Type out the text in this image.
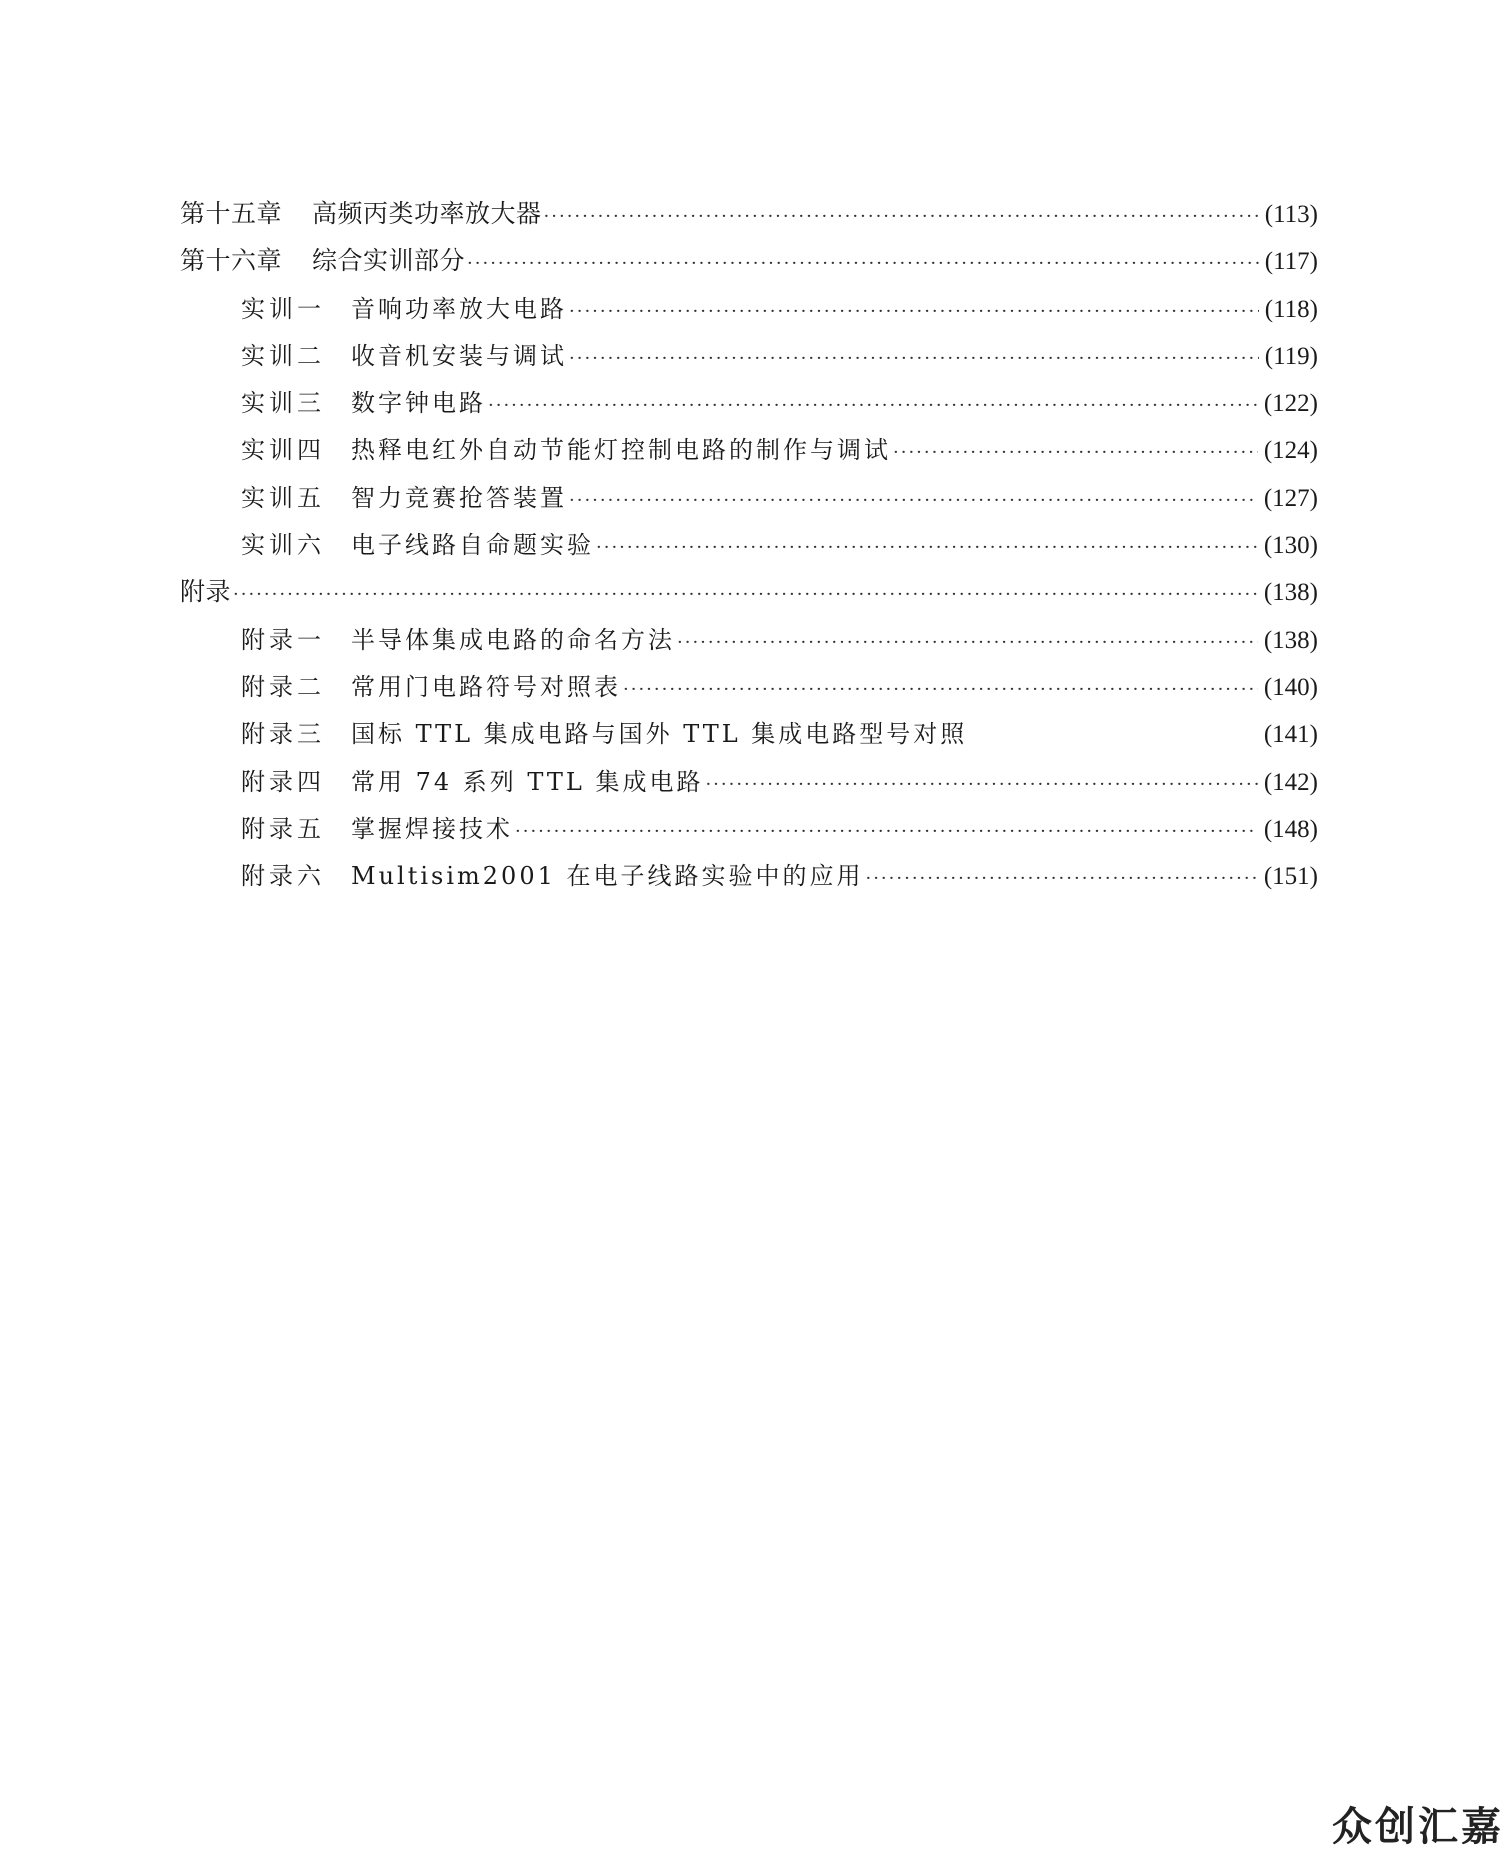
第十五章 高频丙类功率放大器 ·····	(113)
第十六章 综合实训部分 ·····	(117)
实训一 音响功率放大电路 ·····	(118)
实训二 收音机安装与调试 ·····	(119)
实训三 数字钟电路 ·····	(122)
实训四 热释电红外自动节能灯控制电路的制作与调试 ·····	(124)
实训五 智力竞赛抢答装置 ·····	(127)
实训六 电子线路自命题实验 ·····	(130)
附录 ·····	(138)
附录一 半导体集成电路的命名方法 ·····	(138)
附录二 常用门电路符号对照表 ·····	(140)
附录三 国标 TTL 集成电路与国外 TTL 集成电路型号对照	(141)
附录四 常用 74 系列 TTL 集成电路 ·····	(142)
附录五 掌握焊接技术 ·····	(148)
附录六 Multisim2001 在电子线路实验中的应用 ·····	(151)
众创汇嘉
